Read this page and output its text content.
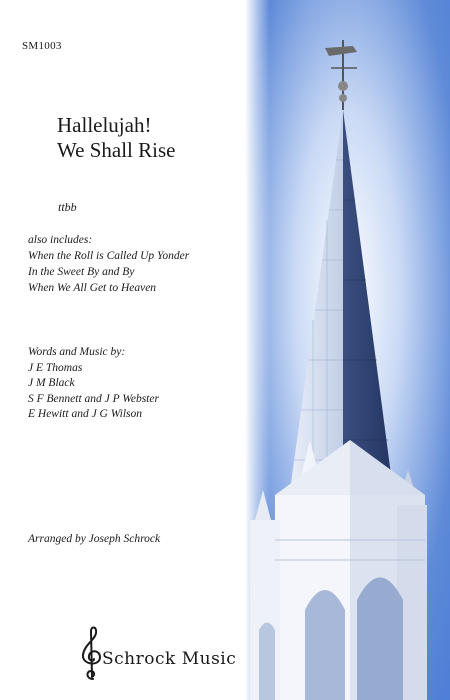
SM1003
Hallelujah!
We Shall Rise
ttbb
also includes:
When the Roll is Called Up Yonder
In the Sweet By and By
When We All Get to Heaven
Words and Music by:
J E Thomas
J M Black
S F Bennett and J P Webster
E Hewitt and J G Wilson
Arranged by Joseph Schrock
Schrock Music
